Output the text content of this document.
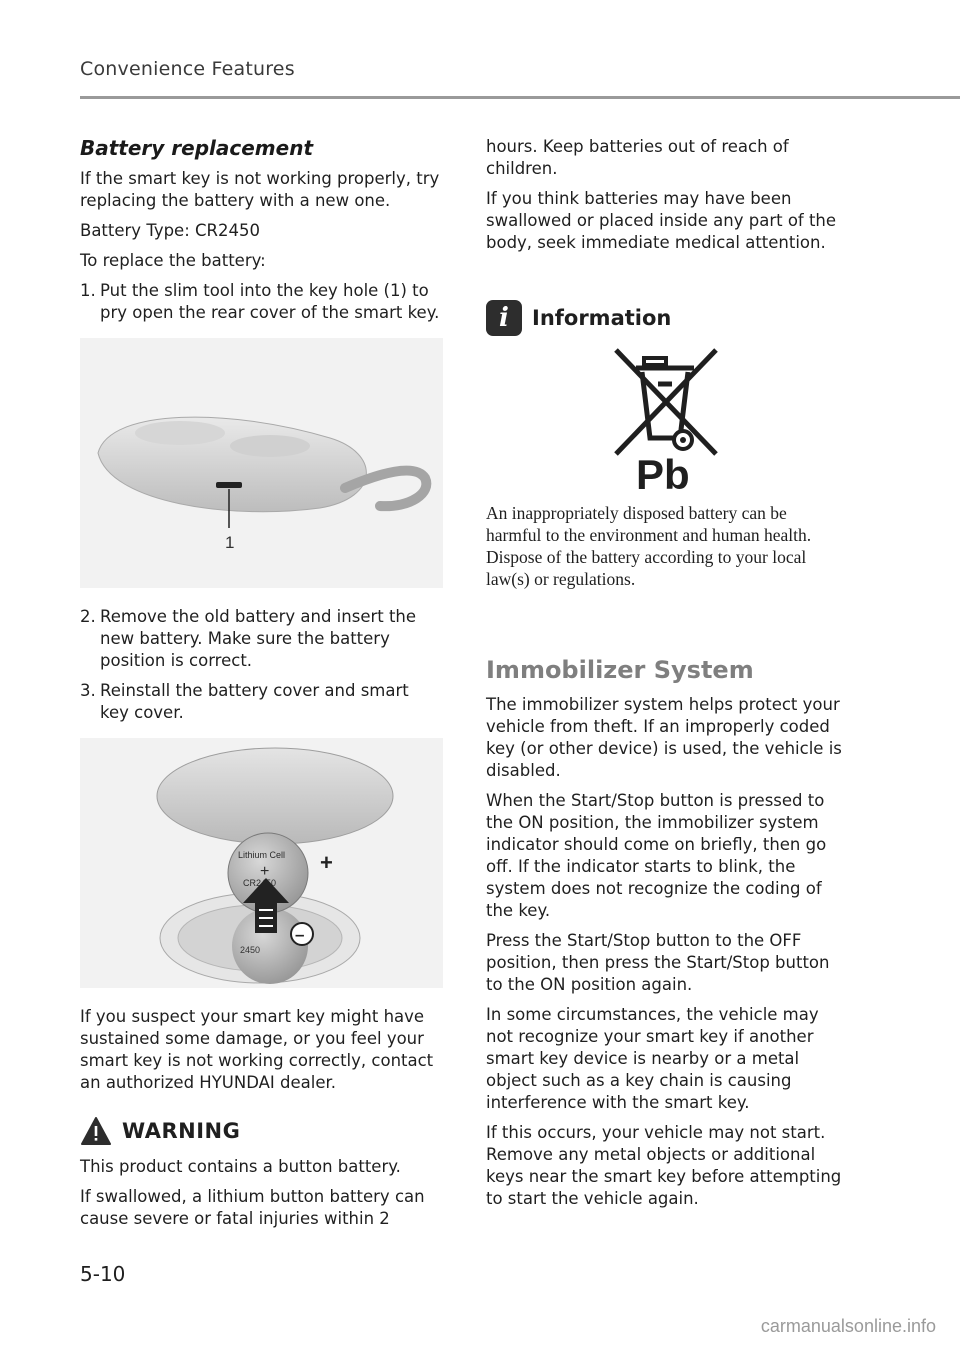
Convenience Features
Battery replacement

If the smart key is not working properly, try replacing the battery with a new one.

Battery Type: CR2450

To replace the battery:

1. Put the slim tool into the key hole (1) to pry open the rear cover of the smart key.
1
2. Remove the old battery and insert the new battery. Make sure the battery position is correct.
3. Reinstall the battery cover and smart key cover.
2450
Lithium Cell
+
CR2450
+
–

If you suspect your smart key might have sustained some damage, or you feel your smart key is not working correctly, contact an authorized HYUNDAI dealer.

WARNING

This product contains a button battery.

If swallowed, a lithium button battery can cause severe or fatal injuries within 2

hours. Keep batteries out of reach of children.

If you think batteries may have been swallowed or placed inside any part of the body, seek immediate medical attention.

i	Information
Pb

An inappropriately disposed battery can be harmful to the environment and human health. Dispose of the battery according to your local law(s) or regulations.

Immobilizer System

The immobilizer system helps protect your vehicle from theft. If an improperly coded key (or other device) is used, the vehicle is disabled.

When the Start/Stop button is pressed to the ON position, the immobilizer system indicator should come on briefly, then go off. If the indicator starts to blink, the system does not recognize the coding of the key.

Press the Start/Stop button to the OFF position, then press the Start/Stop button to the ON position again.

In some circumstances, the vehicle may not recognize your smart key if another smart key device is nearby or a metal object such as a key chain is causing interference with the smart key.

If this occurs, your vehicle may not start. Remove any metal objects or additional keys near the smart key before attempting to start the vehicle again.

5-10
carmanualsonline.info
